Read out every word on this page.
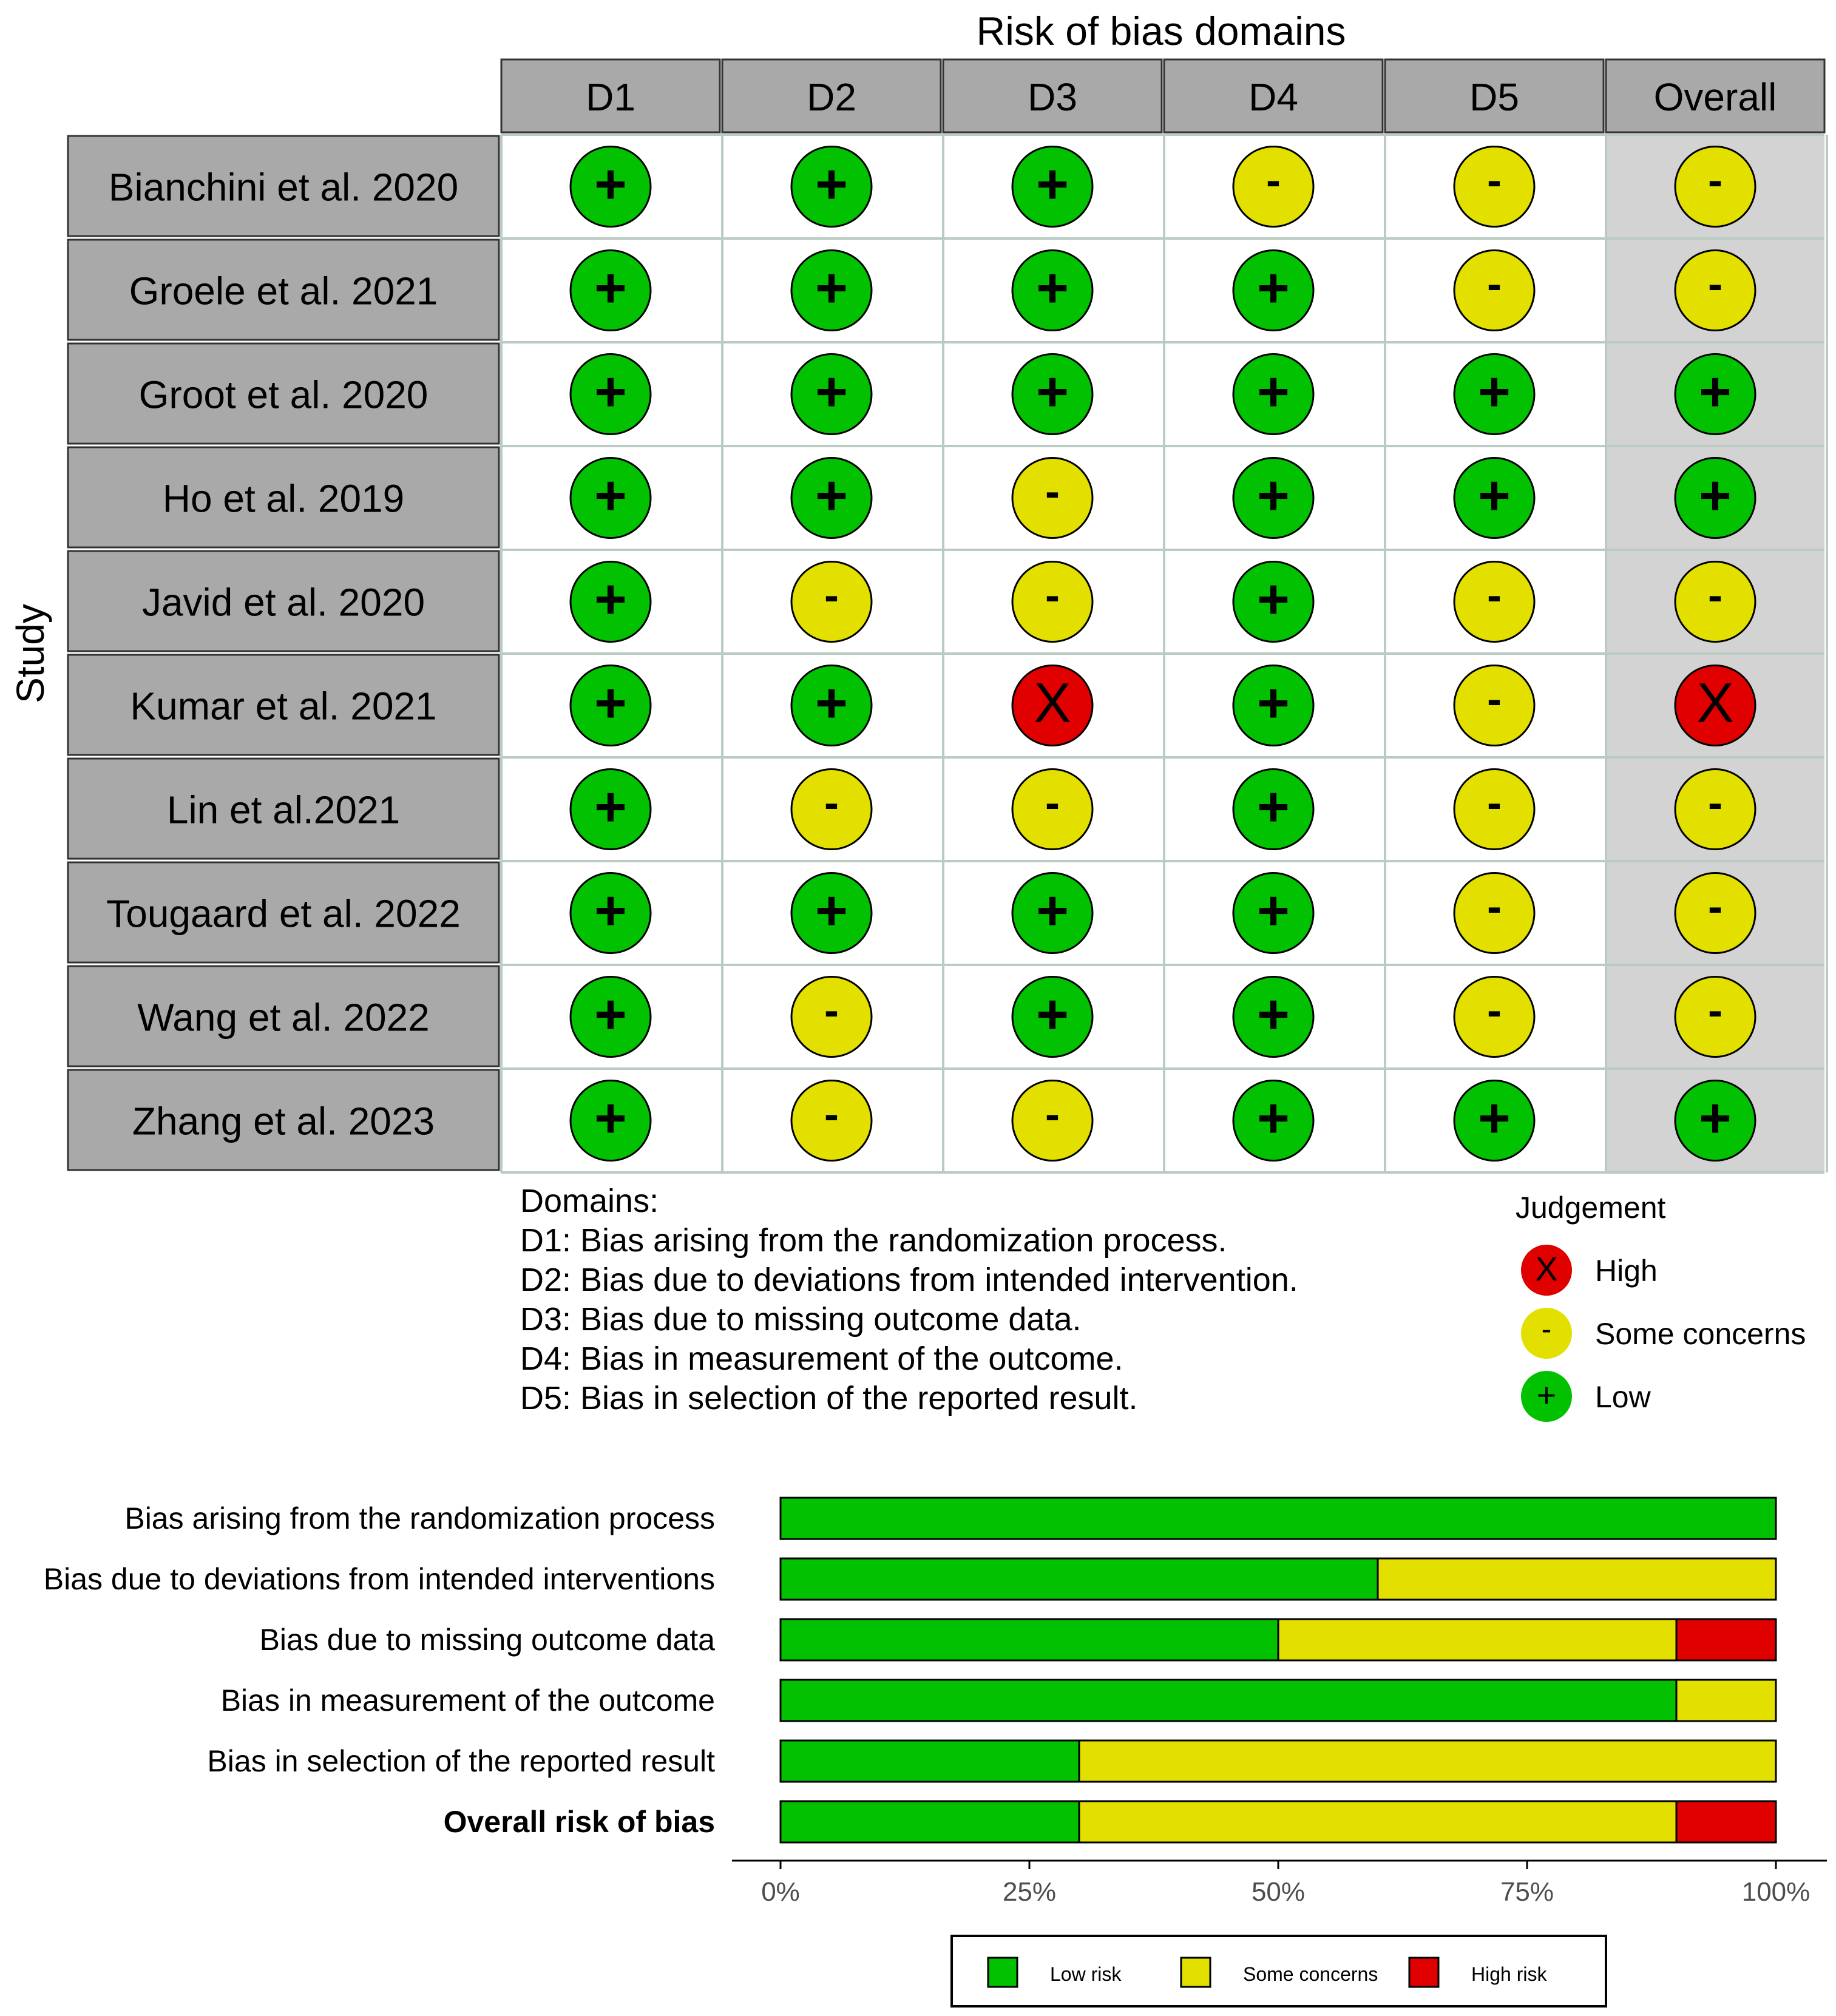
Risk of bias domains
D1	D2	D3	D4	D5	Overall
Bianchini et al. 2020 +	+	+	-	-	-
Groele et al. 2021	+	+	+	+	-	-
Groot et al. 2020	+	+	+	+	+	+
Ho et al. 2019	+	+	-	+	+	+
Javid et al. 2020	+	-	-	+	-	-
Kumar et al. 2021	+	+	X	+	-	X
Lin et al.2021	+	-	-	+	-	-
Tougaard et al. 2022 +	+	+	+	-	-
Wang et al. 2022	+	-	+	+	-	-
Zhang et al. 2023	+	-	-	+	+	+
Study
Domains:
D1: Bias arising from the randomization process.
D2: Bias due to deviations from intended intervention.
D3: Bias due to missing outcome data.
D4: Bias in measurement of the outcome.
D5: Bias in selection of the reported result.
Judgement
X High
- Some concerns
+ Low
Bias arising from the randomization process
Bias due to deviations from intended interventions
Bias due to missing outcome data
Bias in measurement of the outcome
Bias in selection of the reported result
Overall risk of bias
0%	25%	50%	75%	100%
Low risk	Some concerns	High risk
